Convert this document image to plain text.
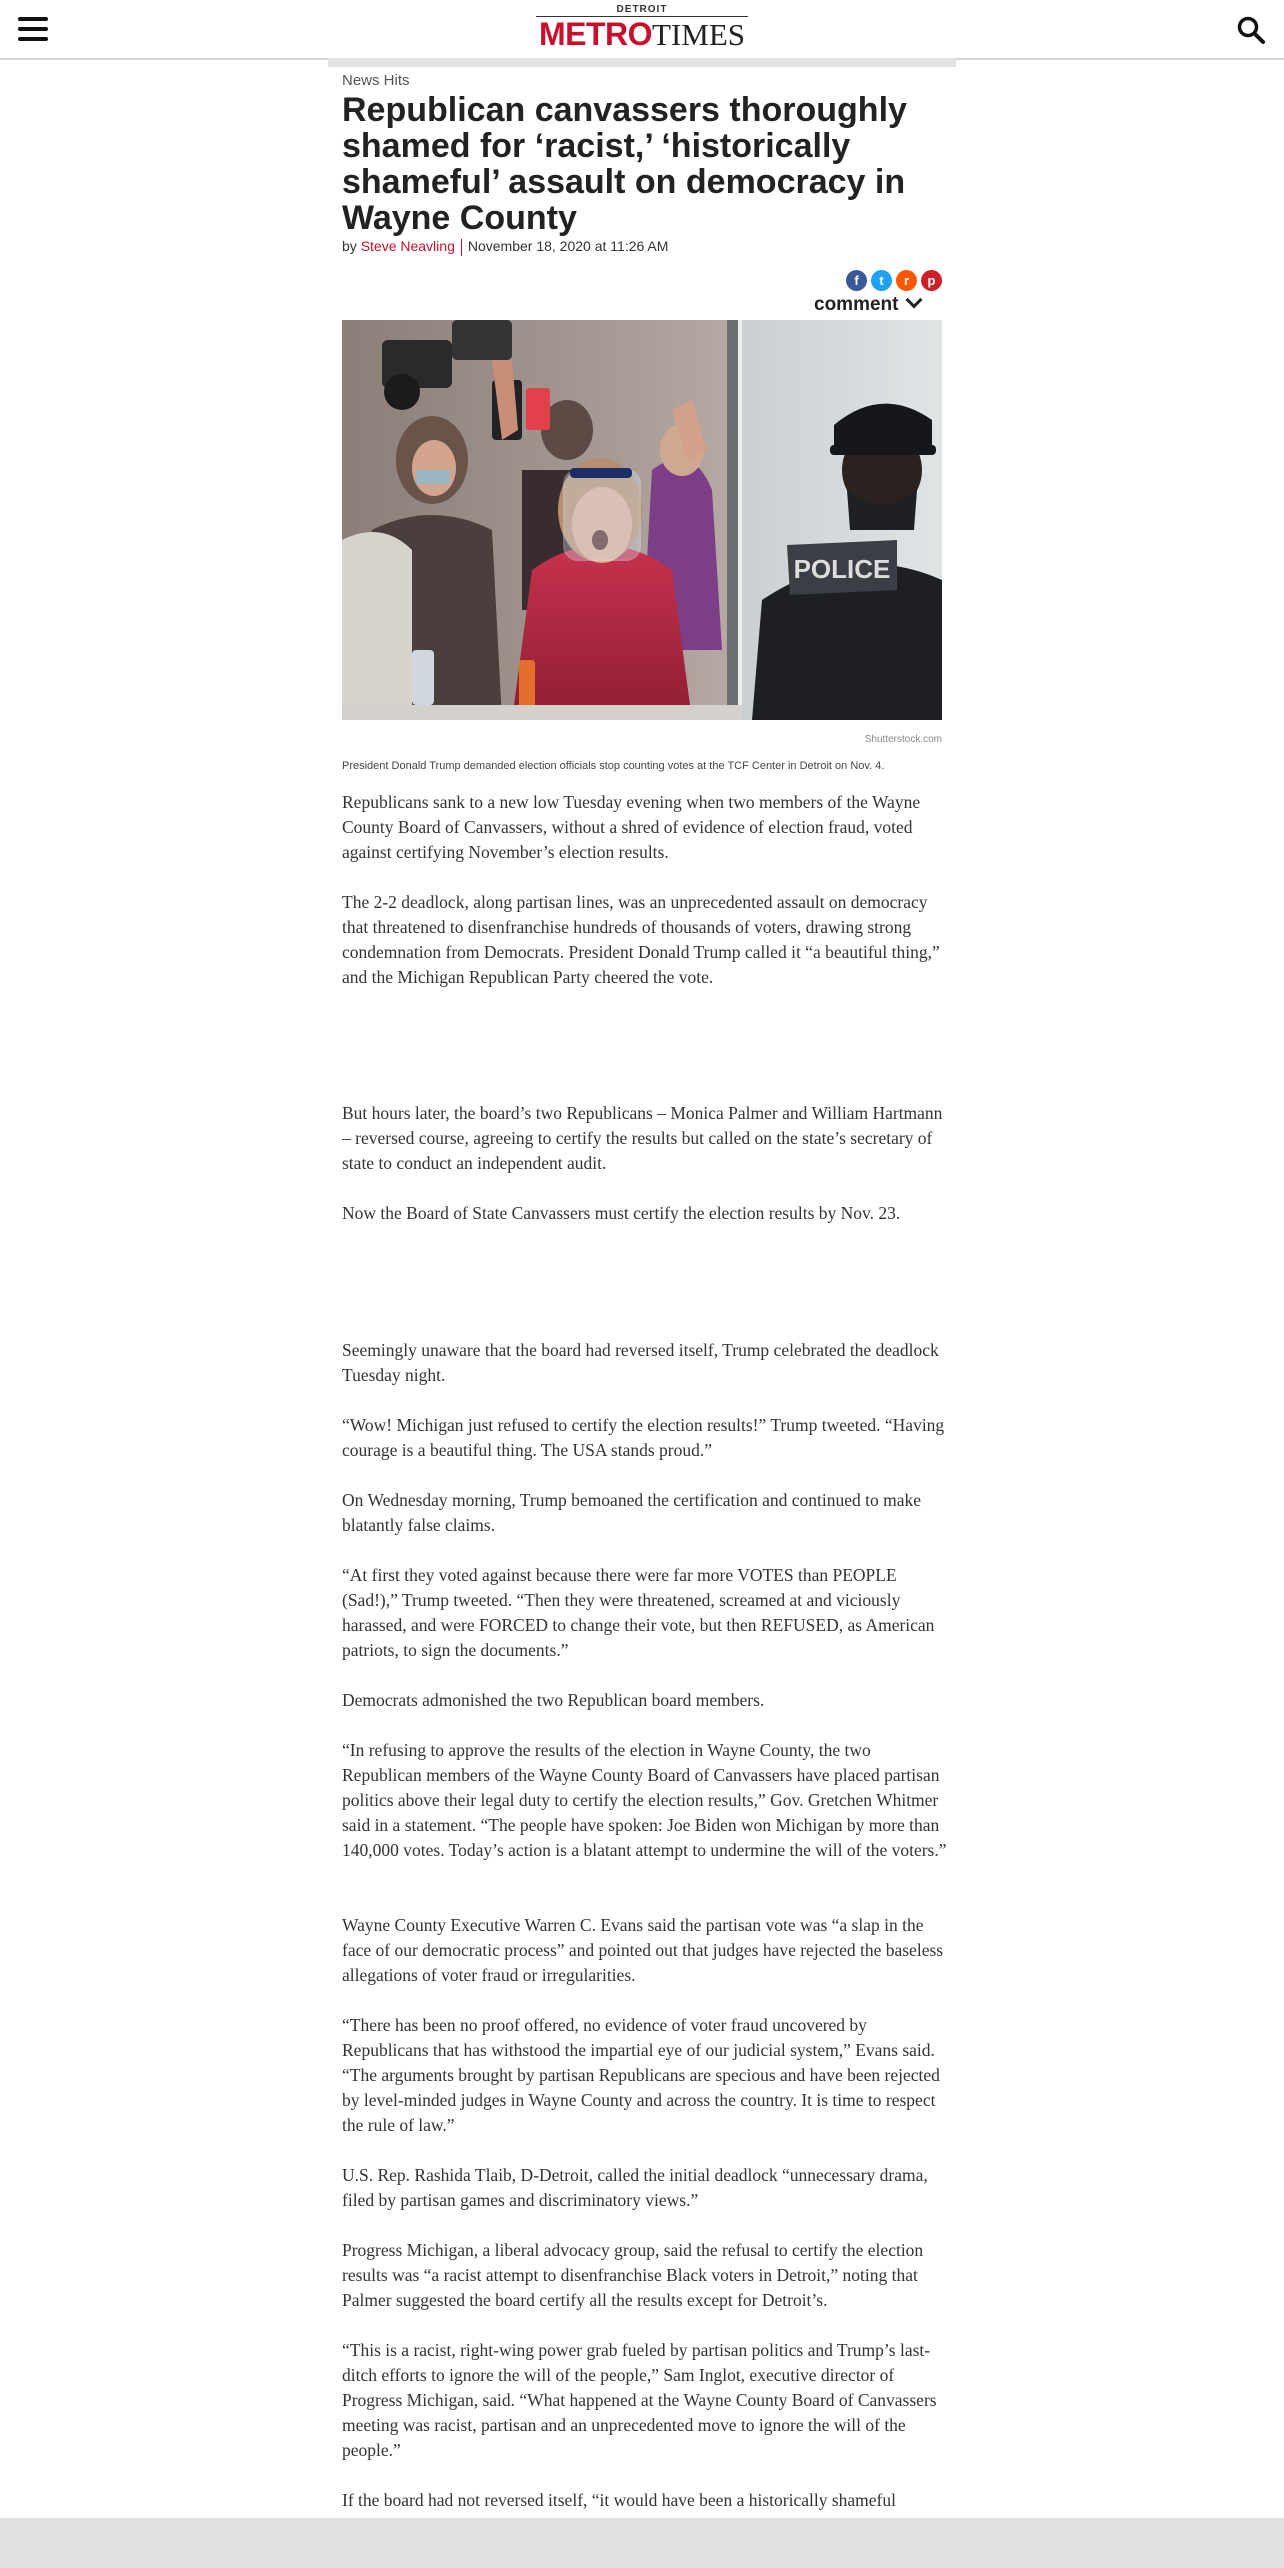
DETROIT
METROTIMES
News Hits
Republican canvassers thoroughly shamed for ‘racist,’ ‘historically shameful’ assault on democracy in Wayne County
by Steve Neavling November 18, 2020 at 11:26 AM
f t r p
comment
POLICE
Shutterstock.com
President Donald Trump demanded election officials stop counting votes at the TCF Center in Detroit on Nov. 4.

Republicans sank to a new low Tuesday evening when two members of the Wayne County Board of Canvassers, without a shred of evidence of election fraud, voted against certifying November’s election results.

The 2-2 deadlock, along partisan lines, was an unprecedented assault on democracy that threatened to disenfranchise hundreds of thousands of voters, drawing strong condemnation from Democrats. President Donald Trump called it “a beautiful thing,” and the Michigan Republican Party cheered the vote.

But hours later, the board’s two Republicans – Monica Palmer and William Hartmann – reversed course, agreeing to certify the results but called on the state’s secretary of state to conduct an independent audit.

Now the Board of State Canvassers must certify the election results by Nov. 23.

Seemingly unaware that the board had reversed itself, Trump celebrated the deadlock Tuesday night.

“Wow! Michigan just refused to certify the election results!” Trump tweeted. “Having courage is a beautiful thing. The USA stands proud.”

On Wednesday morning, Trump bemoaned the certification and continued to make blatantly false claims.

“At first they voted against because there were far more VOTES than PEOPLE (Sad!),” Trump tweeted. “Then they were threatened, screamed at and viciously harassed, and were FORCED to change their vote, but then REFUSED, as American patriots, to sign the documents.”

Democrats admonished the two Republican board members.

“In refusing to approve the results of the election in Wayne County, the two Republican members of the Wayne County Board of Canvassers have placed partisan politics above their legal duty to certify the election results,” Gov. Gretchen Whitmer said in a statement. “The people have spoken: Joe Biden won Michigan by more than 140,000 votes. Today’s action is a blatant attempt to undermine the will of the voters.”

Wayne County Executive Warren C. Evans said the partisan vote was “a slap in the face of our democratic process” and pointed out that judges have rejected the baseless allegations of voter fraud or irregularities.

“There has been no proof offered, no evidence of voter fraud uncovered by Republicans that has withstood the impartial eye of our judicial system,” Evans said. “The arguments brought by partisan Republicans are specious and have been rejected by level-minded judges in Wayne County and across the country. It is time to respect the rule of law.”

U.S. Rep. Rashida Tlaib, D-Detroit, called the initial deadlock “unnecessary drama, filed by partisan games and discriminatory views.”

Progress Michigan, a liberal advocacy group, said the refusal to certify the election results was “a racist attempt to disenfranchise Black voters in Detroit,” noting that Palmer suggested the board certify all the results except for Detroit’s.

“This is a racist, right-wing power grab fueled by partisan politics and Trump’s last-ditch efforts to ignore the will of the people,” Sam Inglot, executive director of Progress Michigan, said. “What happened at the Wayne County Board of Canvassers meeting was racist, partisan and an unprecedented move to ignore the will of the people.”

If the board had not reversed itself, “it would have been a historically shameful
